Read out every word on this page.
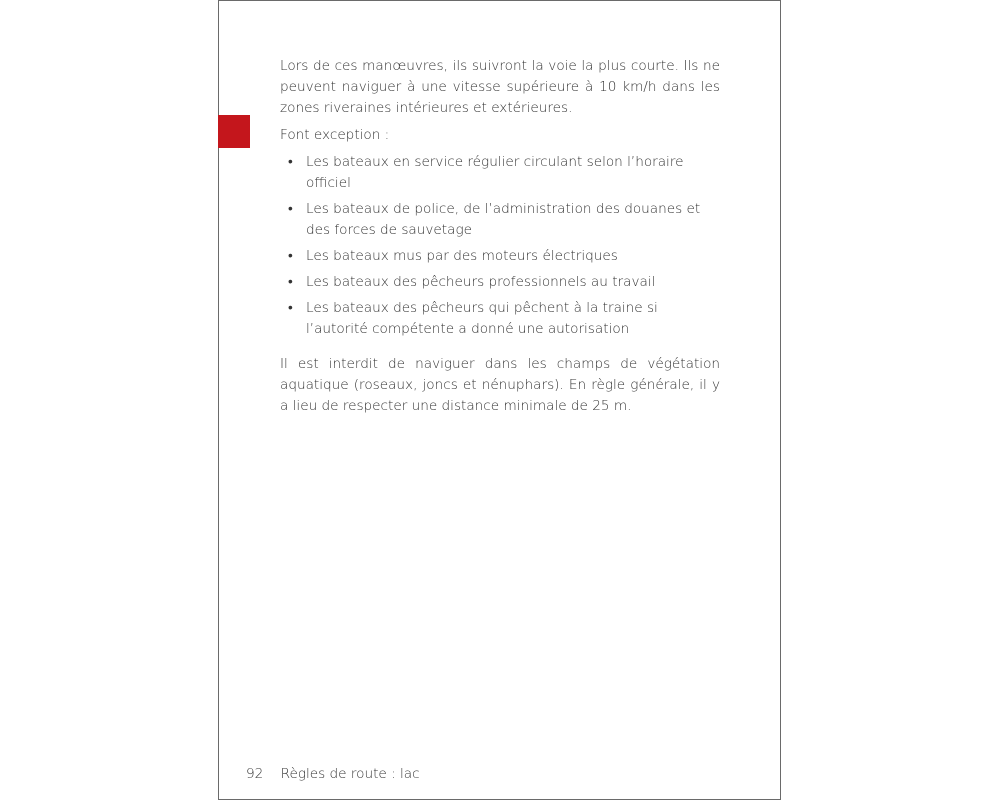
Lors de ces manœuvres, ils suivront la voie la plus courte. Ils ne peuvent naviguer à une vitesse supérieure à 10 km/h dans les zones riveraines intérieures et extérieures.

Font exception :

• Les bateaux en service régulier circulant selon l’horaire officiel
• Les bateaux de police, de l’administration des douanes et des forces de sauvetage
• Les bateaux mus par des moteurs électriques
• Les bateaux des pêcheurs professionnels au travail
• Les bateaux des pêcheurs qui pêchent à la traine si l’autorité compétente a donné une autorisation

Il est interdit de naviguer dans les champs de végétation aquatique (roseaux, joncs et nénuphars). En règle générale, il y a lieu de respecter une distance minimale de 25 m.

92 Règles de route : lac
